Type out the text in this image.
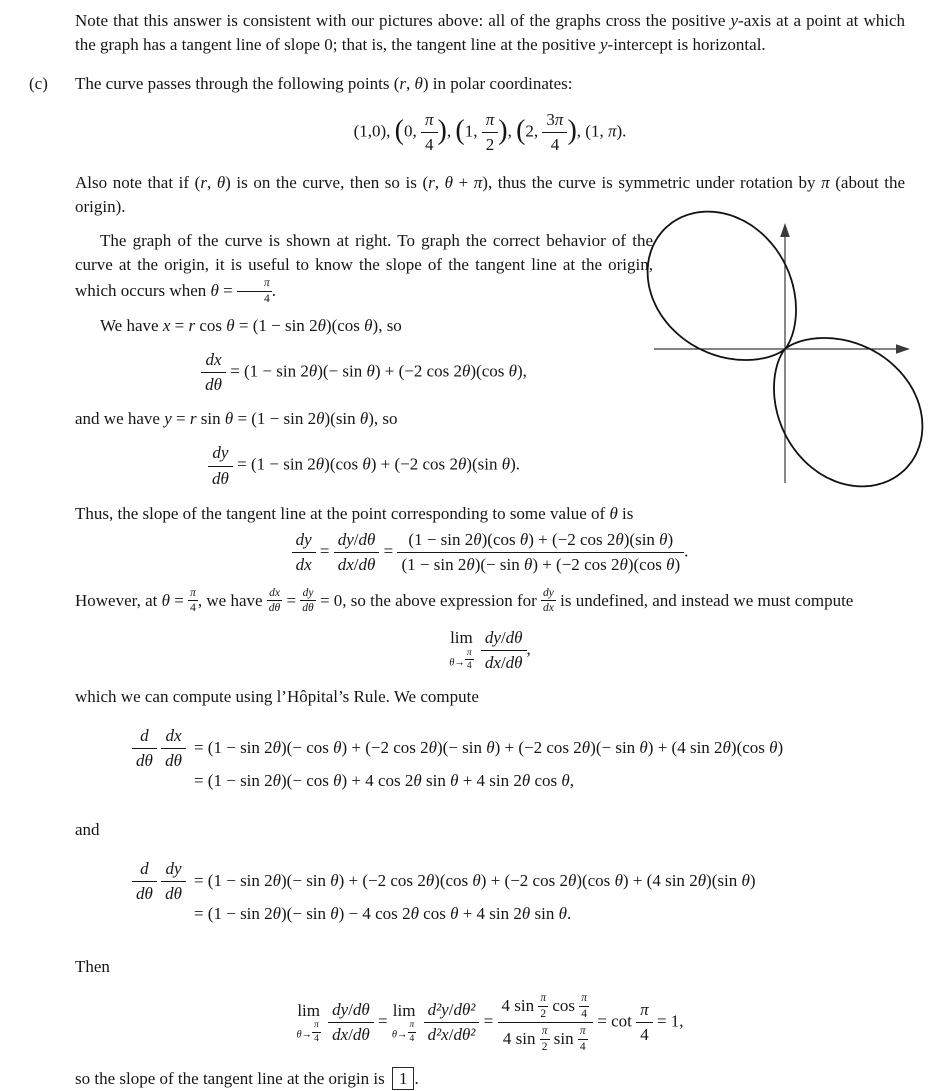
Note that this answer is consistent with our pictures above: all of the graphs cross the positive y-axis at a point at which the graph has a tangent line of slope 0; that is, the tangent line at the positive y-intercept is horizontal.

(c) The curve passes through the following points (r, θ) in polar coordinates:

(1,0), (0, $\frac{\pi}{4}$ ), (1, $\frac{\pi}{2}$ ), (2, $\frac{3\pi}{4}$ ), (1, π).

Also note that if (r, θ) is on the curve, then so is (r, θ + π), thus the curve is symmetric under rotation by π (about the origin).

The graph of the curve is shown at right. To graph the correct behavior of the curve at the origin, it is useful to know the slope of the tangent line at the origin, which occurs when $\theta = \frac{\pi}{4}$ .

We have x = r cos θ = (1 − sin 2θ)(cos θ), so

$\frac{dx}{d\theta} = (1 - \sin 2\theta)(- \sin \theta) + (-2$ cos 2θ)(cos θ),

and we have y = r sin θ = (1 − sin 2θ)(sin θ), so

$\frac{dy}{d\theta} = (1 - \sin 2\theta)(\cos$ θ) + (−2 cos 2θ)(sin θ).

Thus, the slope of the tangent line at the point corresponding to some value of θ is

$\frac{dy}{dx} = \frac{dy/d\theta}{dx/d\theta} = \frac{\text{(1 − sin 2θ)(cos θ) + (−2 cos 2θ)(sin θ)}}{\text{(1 − sin 2θ)(− sin θ) + (−2 cos 2θ)(cos θ)}}$ .

However, at $\theta = \frac{\pi}{4}$ , we have $\frac{dx}{d\theta} = \frac{dy}{d\theta} = 0$, so the above expression for $\frac{dy}{dx}$ is undefined, and instead we must compute

lim
$\theta\to \frac{\pi}{4}$
$\frac{dy/d\theta}{dx/d\theta}$ ,

which we can compute using l’Hôpital’s Rule. We compute

$\frac{d}{d\theta}$
$\frac{dx}{d\theta} = (1 - \sin 2\theta)(- \cos \theta) + (-2$ cos 2θ)(− sin θ) + (−2 cos 2θ)(− sin θ) + (4 sin 2θ)(cos θ)
= (1 − sin 2θ)(− cos θ) + 4 cos 2θ sin θ + 4 sin 2θ cos θ,

and

$\frac{d}{d\theta}$
$\frac{dy}{d\theta} = (1 - \sin 2\theta)(- \sin \theta) + (-2$ cos 2θ)(cos θ) + (−2 cos 2θ)(cos θ) + (4 sin 2θ)(sin θ)
= (1 − sin 2θ)(− sin θ) − 4 cos 2θ cos θ + 4 sin 2θ sin θ.

Then

lim
$\theta\to \frac{\pi}{4}$
$\frac{dy/d\theta}{dx/d\theta}$ =
lim
$\theta\to \frac{\pi}{4}$
$\frac{\text{d²y/dθ²}}{\text{d²x/dθ²}} = \frac{4 \sin \frac{\pi}{2} \cos \frac{\pi}{4}}{4 \sin \frac{\pi}{2} \sin \frac{\pi}{4}} = \cot \frac{\pi}{4} = 1$,

so the slope of the tangent line at the origin is 1 .
